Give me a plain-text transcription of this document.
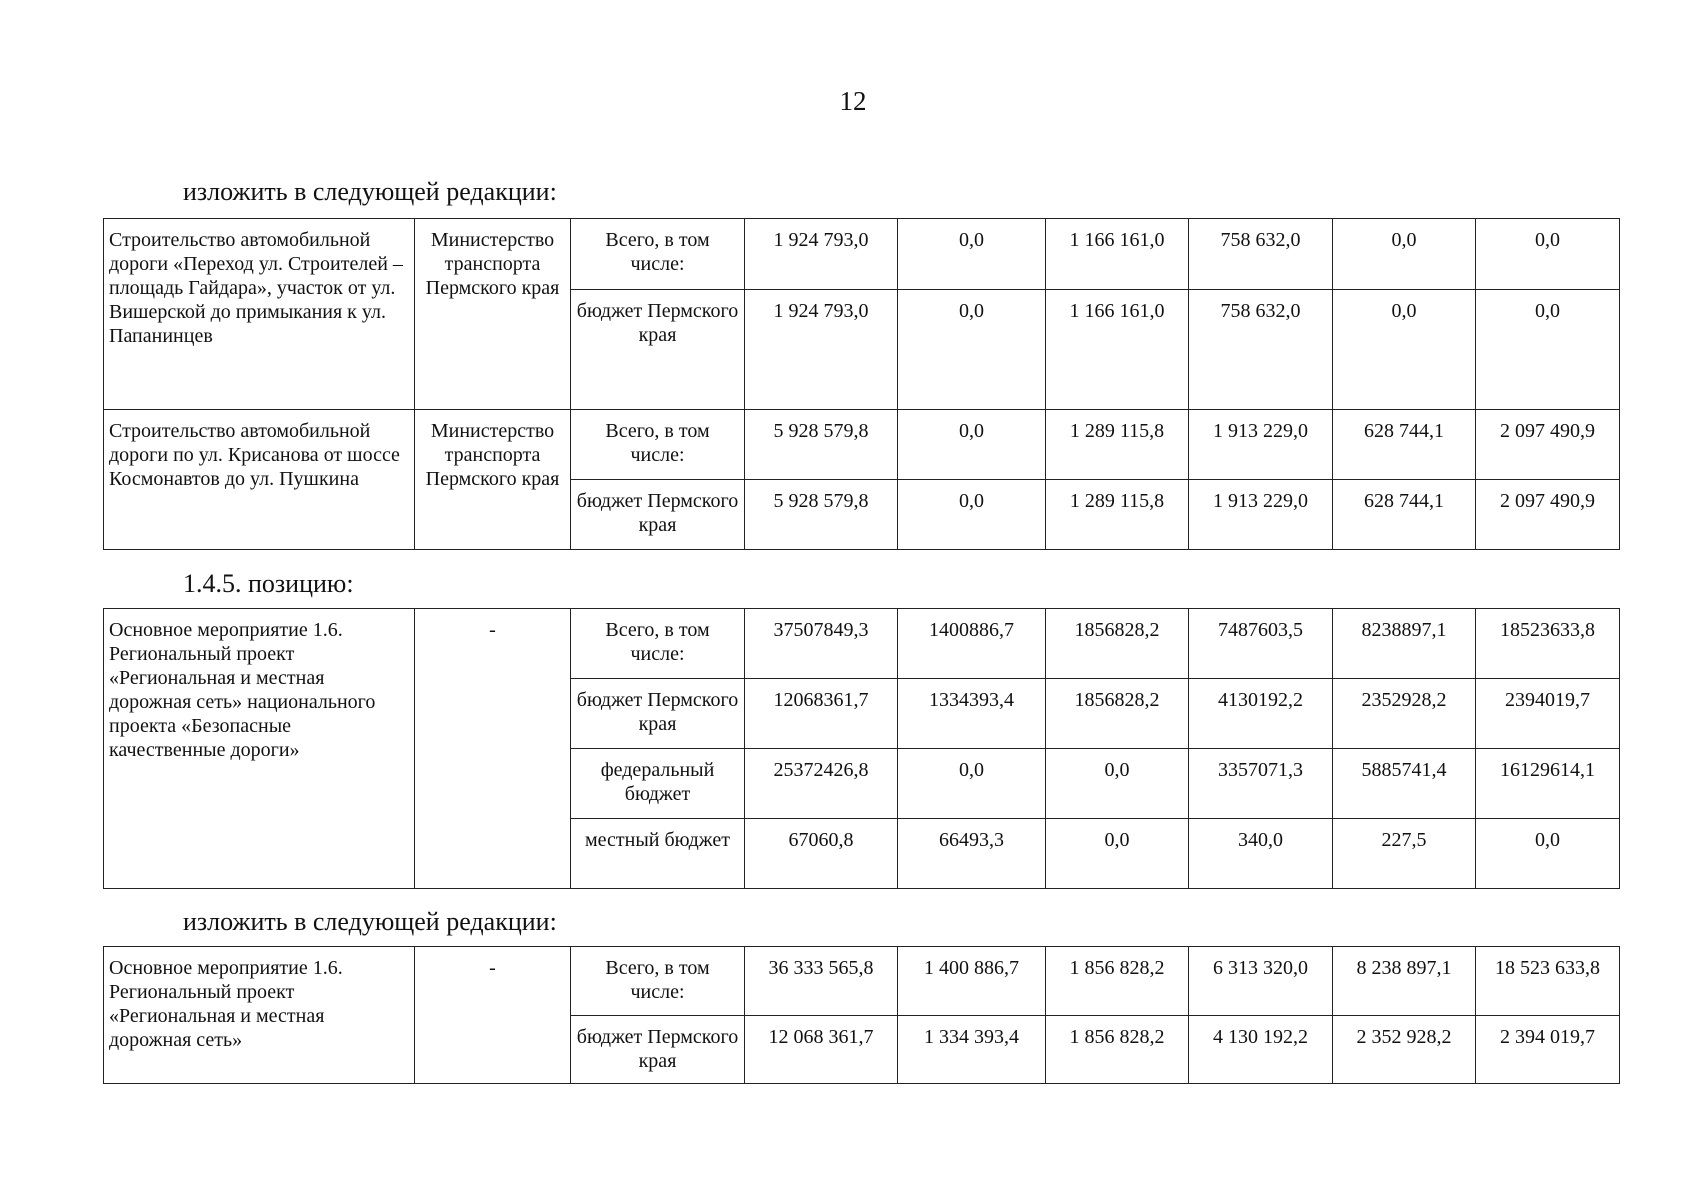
12
изложить в следующей редакции:
Строительство автомобильной дороги «Переход ул. Строителей – площадь Гайдара», участок от ул. Вишерской до примыкания к ул. Папанинцев	Министерство транспорта Пермского края	Всего, в том числе:	1 924 793,0	0,0	1 166 161,0	758 632,0	0,0	0,0
		бюджет Пермского края	1 924 793,0	0,0	1 166 161,0	758 632,0	0,0	0,0
Строительство автомобильной дороги по ул. Крисанова от шоссе Космонавтов до ул. Пушкина	Министерство транспорта Пермского края	Всего, в том числе:	5 928 579,8	0,0	1 289 115,8	1 913 229,0	628 744,1	2 097 490,9
		бюджет Пермского края	5 928 579,8	0,0	1 289 115,8	1 913 229,0	628 744,1	2 097 490,9
1.4.5. позицию:
Основное мероприятие 1.6. Региональный проект «Региональная и местная дорожная сеть» национального проекта «Безопасные качественные дороги»	-	Всего, в том числе:	37507849,3	1400886,7	1856828,2	7487603,5	8238897,1	18523633,8
		бюджет Пермского края	12068361,7	1334393,4	1856828,2	4130192,2	2352928,2	2394019,7
		федеральный бюджет	25372426,8	0,0	0,0	3357071,3	5885741,4	16129614,1
		местный бюджет	67060,8	66493,3	0,0	340,0	227,5	0,0
изложить в следующей редакции:
Основное мероприятие 1.6. Региональный проект «Региональная и местная дорожная сеть»	-	Всего, в том числе:	36 333 565,8	1 400 886,7	1 856 828,2	6 313 320,0	8 238 897,1	18 523 633,8
		бюджет Пермского края	12 068 361,7	1 334 393,4	1 856 828,2	4 130 192,2	2 352 928,2	2 394 019,7
